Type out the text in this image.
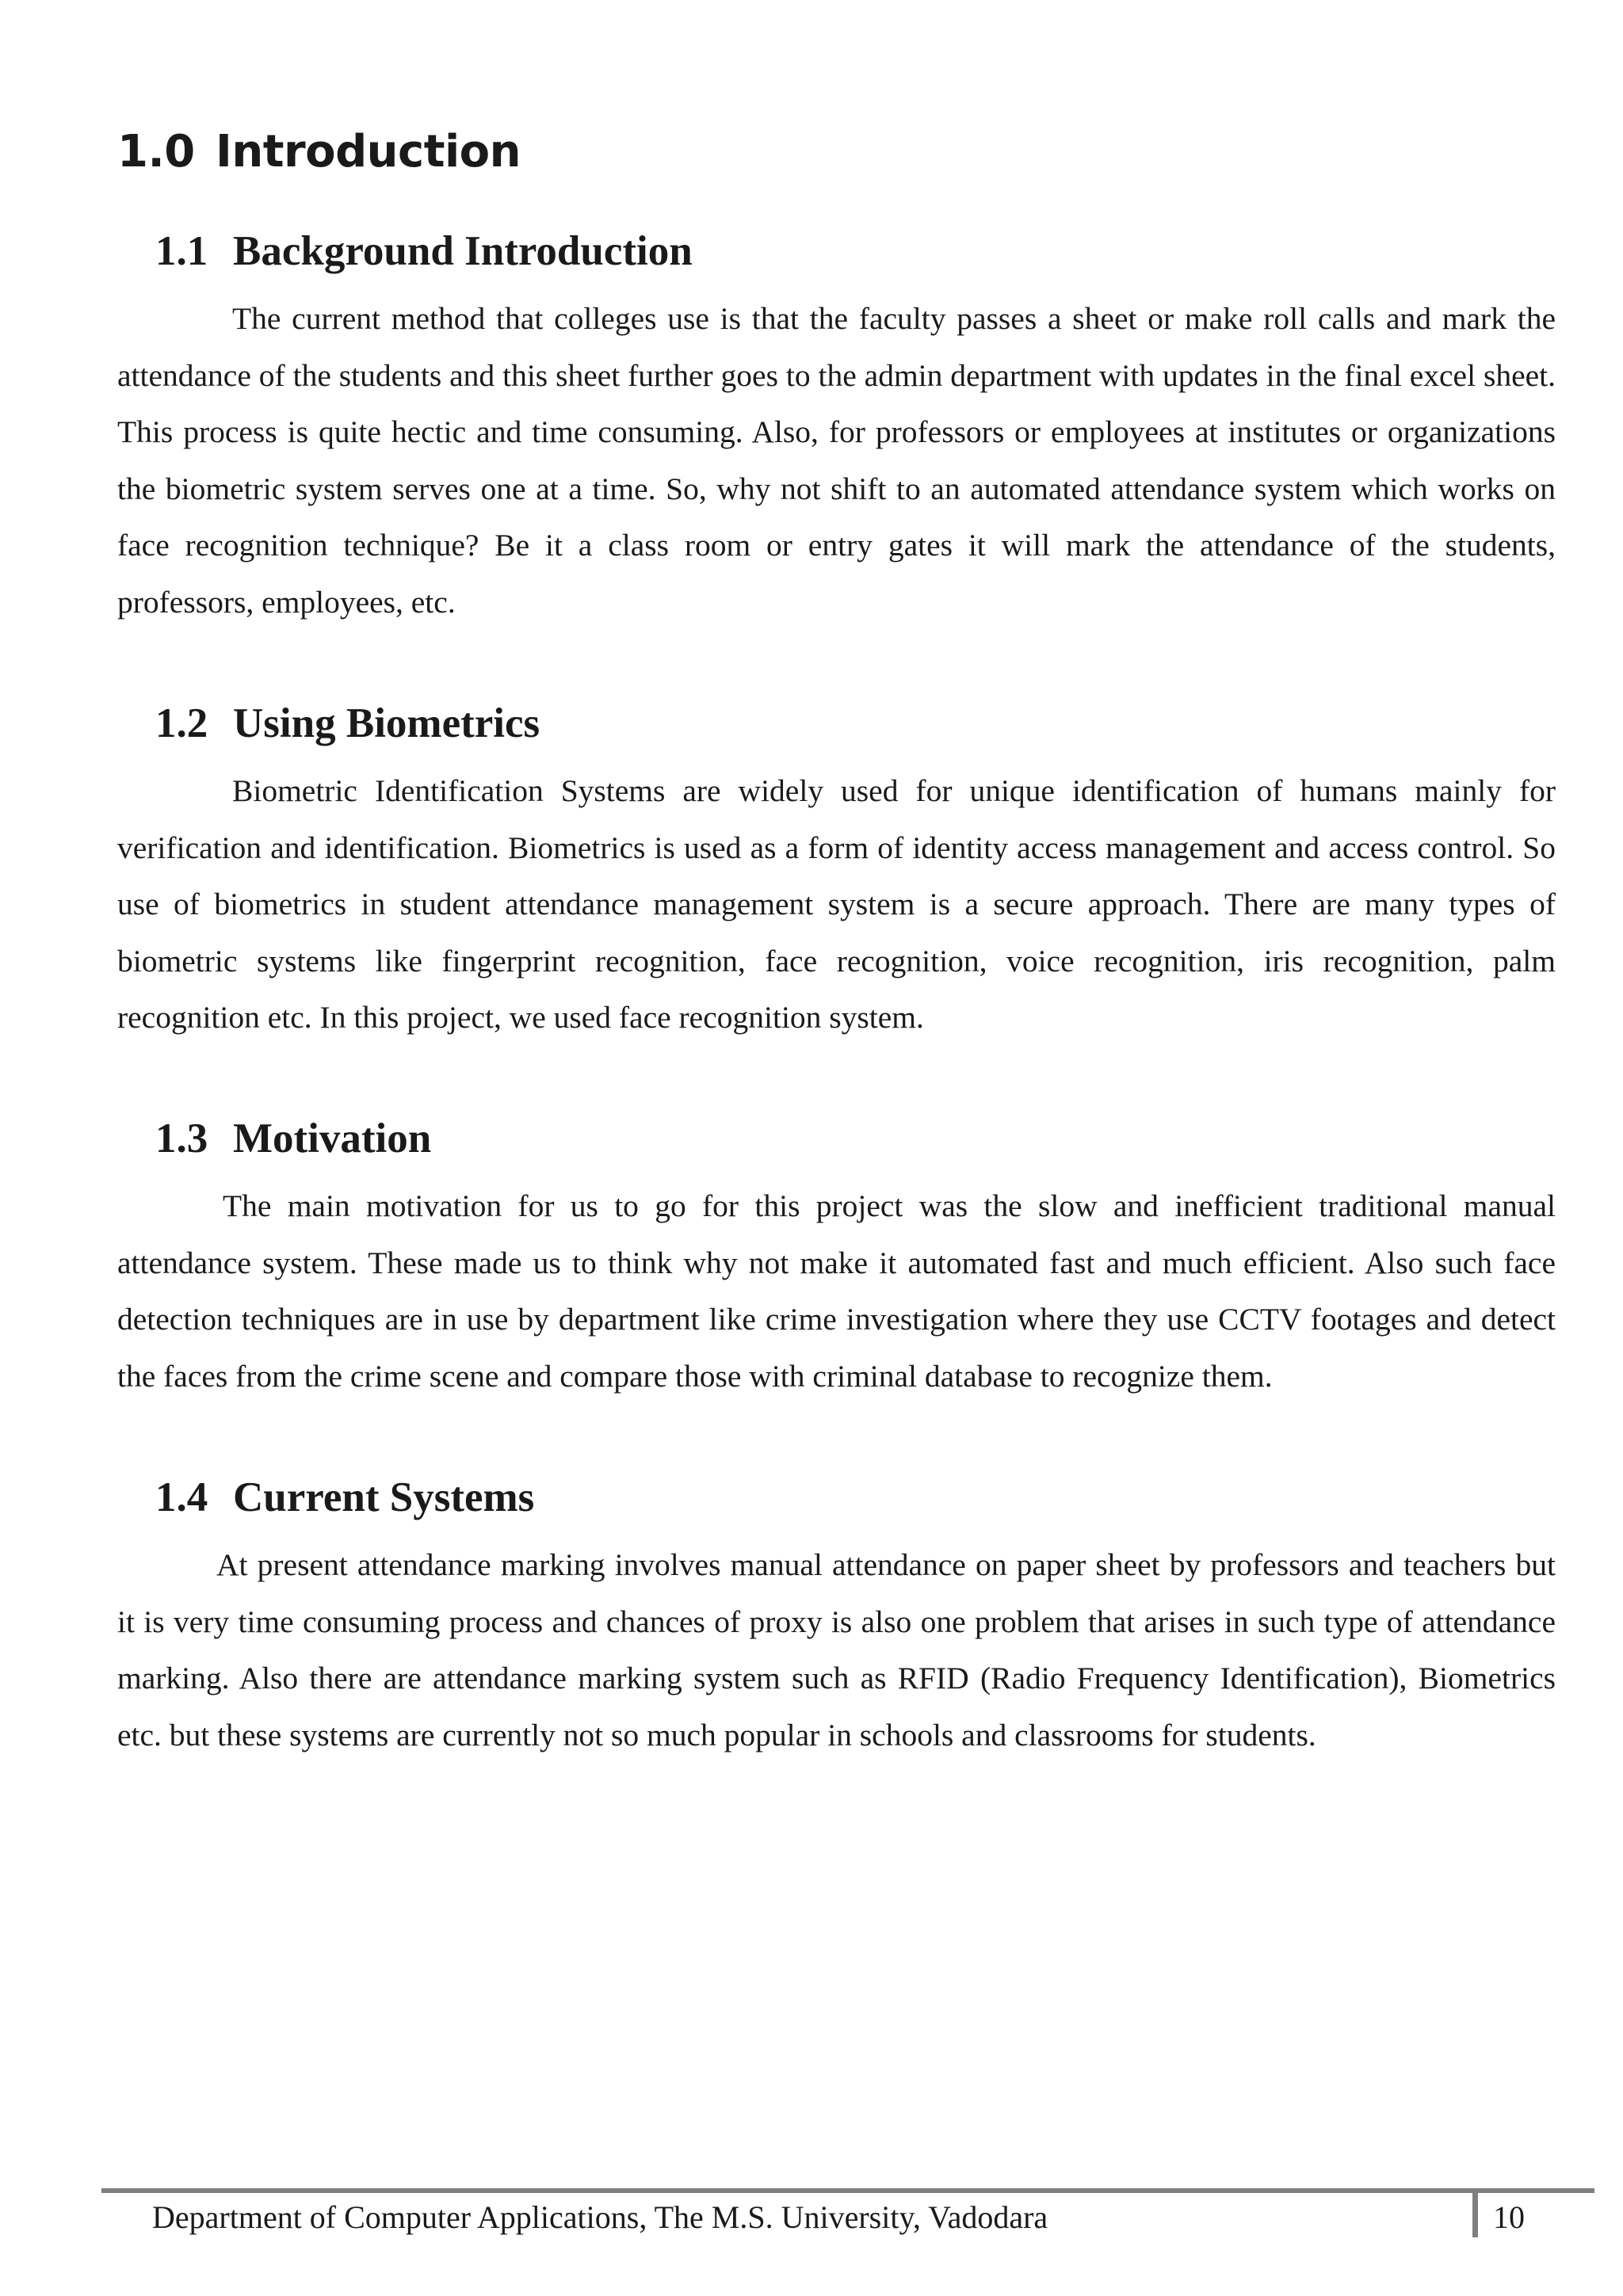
1.0 Introduction
1.1 Background Introduction

The current method that colleges use is that the faculty passes a sheet or make roll calls and mark the attendance of the students and this sheet further goes to the admin department with updates in the final excel sheet. This process is quite hectic and time consuming. Also, for professors or employees at institutes or organizations the biometric system serves one at a time. So, why not shift to an automated attendance system which works on face recognition technique? Be it a class room or entry gates it will mark the attendance of the students, professors, employees, etc.

1.2 Using Biometrics

Biometric Identification Systems are widely used for unique identification of humans mainly for verification and identification. Biometrics is used as a form of identity access management and access control. So use of biometrics in student attendance management system is a secure approach. There are many types of biometric systems like fingerprint recognition, face recognition, voice recognition, iris recognition, palm recognition etc. In this project, we used face recognition system.

1.3 Motivation

The main motivation for us to go for this project was the slow and inefficient traditional manual attendance system. These made us to think why not make it automated fast and much efficient. Also such face detection techniques are in use by department like crime investigation where they use CCTV footages and detect the faces from the crime scene and compare those with criminal database to recognize them.

1.4 Current Systems

At present attendance marking involves manual attendance on paper sheet by professors and teachers but it is very time consuming process and chances of proxy is also one problem that arises in such type of attendance marking. Also there are attendance marking system such as RFID (Radio Frequency Identification), Biometrics etc. but these systems are currently not so much popular in schools and classrooms for students.

Department of Computer Applications, The M.S. University, Vadodara	10
